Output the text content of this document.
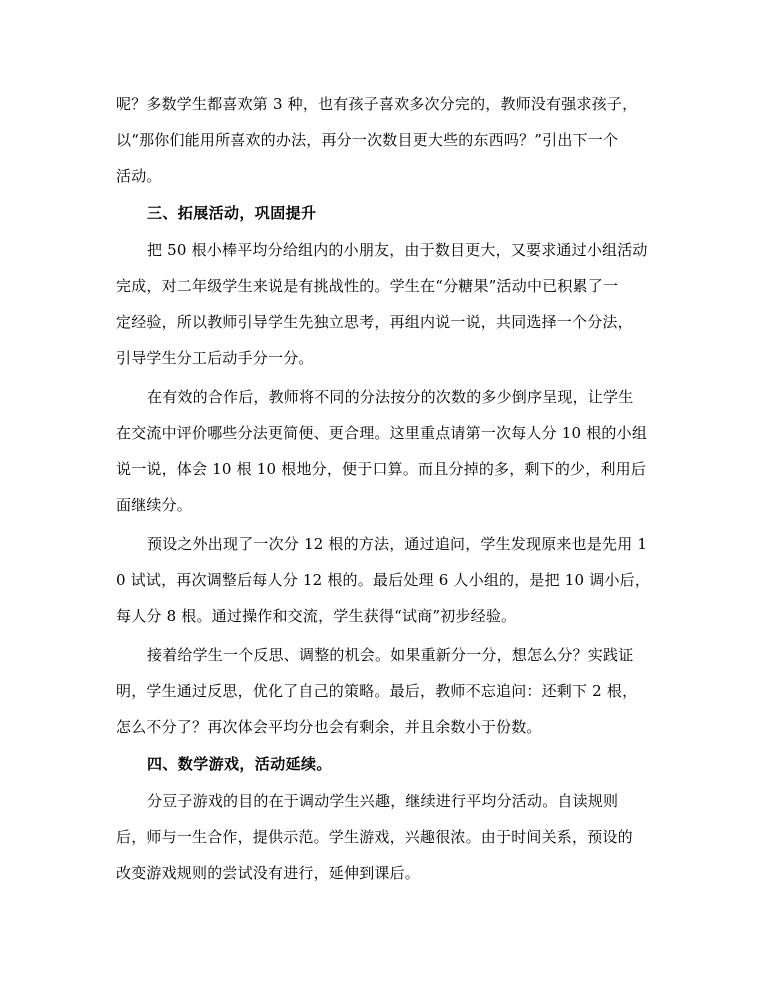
呢？多数学生都喜欢第 3 种，也有孩子喜欢多次分完的，教师没有强求孩子，
以“那你们能用所喜欢的办法，再分一次数目更大些的东西吗？”引出下一个
活动。
三、拓展活动，巩固提升
把 50 根小棒平均分给组内的小朋友，由于数目更大，又要求通过小组活动
完成，对二年级学生来说是有挑战性的。学生在“分糖果”活动中已积累了一
定经验，所以教师引导学生先独立思考，再组内说一说，共同选择一个分法，
引导学生分工后动手分一分。
在有效的合作后，教师将不同的分法按分的次数的多少倒序呈现，让学生
在交流中评价哪些分法更简便、更合理。这里重点请第一次每人分 10 根的小组
说一说，体会 10 根 10 根地分，便于口算。而且分掉的多，剩下的少，利用后
面继续分。
预设之外出现了一次分 12 根的方法，通过追问，学生发现原来也是先用 1
0 试试，再次调整后每人分 12 根的。最后处理 6 人小组的，是把 10 调小后，
每人分 8 根。通过操作和交流，学生获得“试商”初步经验。
接着给学生一个反思、调整的机会。如果重新分一分，想怎么分？实践证
明，学生通过反思，优化了自己的策略。最后，教师不忘追问：还剩下 2 根，
怎么不分了？再次体会平均分也会有剩余，并且余数小于份数。
四、数学游戏，活动延续。
分豆子游戏的目的在于调动学生兴趣，继续进行平均分活动。自读规则
后，师与一生合作，提供示范。学生游戏，兴趣很浓。由于时间关系，预设的
改变游戏规则的尝试没有进行，延伸到课后。
